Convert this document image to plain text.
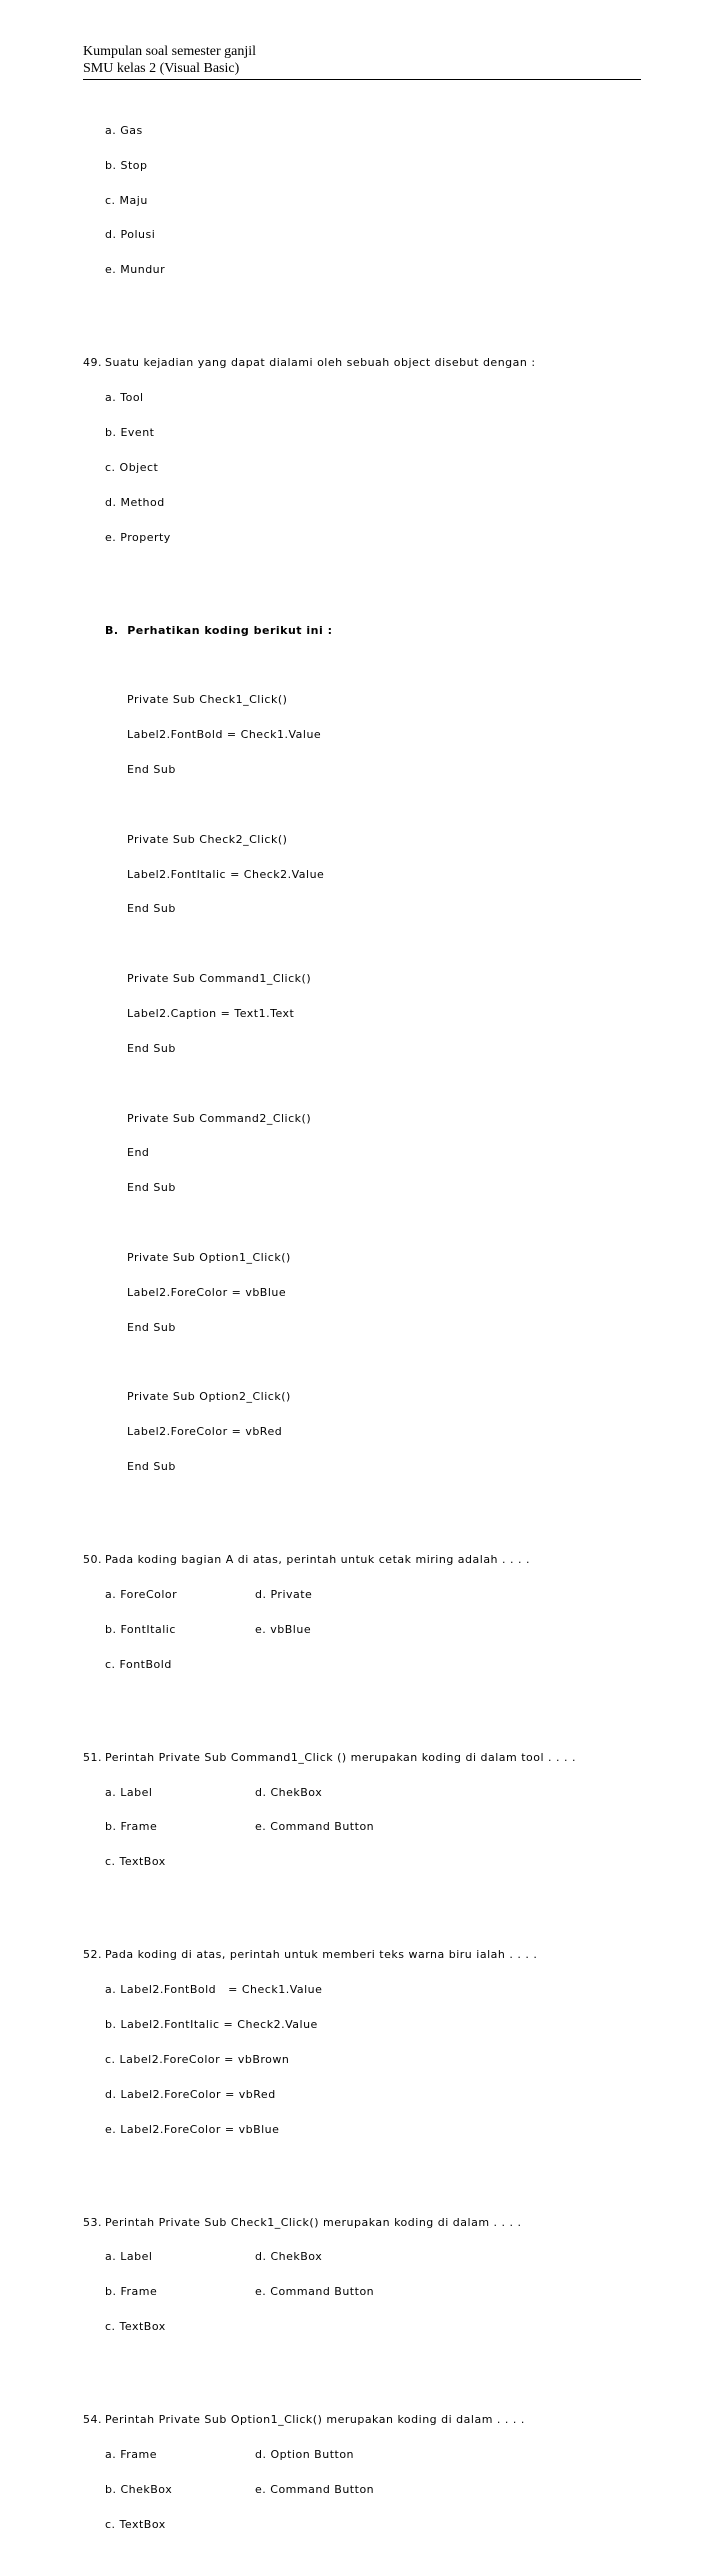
Kumpulan soal semester ganjil
SMU kelas 2 (Visual Basic)

a. Gas

b. Stop

c. Maju

d. Polusi

e. Mundur

49. Suatu kejadian yang dapat dialami oleh sebuah object disebut dengan :

a. Tool

b. Event

c. Object

d. Method

e. Property

B.  Perhatikan koding berikut ini :

Private Sub Check1_Click()

Label2.FontBold = Check1.Value

End Sub

Private Sub Check2_Click()

Label2.FontItalic = Check2.Value

End Sub

Private Sub Command1_Click()

Label2.Caption = Text1.Text

End Sub

Private Sub Command2_Click()

End

End Sub

Private Sub Option1_Click()

Label2.ForeColor = vbBlue

End Sub

Private Sub Option2_Click()

Label2.ForeColor = vbRed

End Sub

50. Pada koding bagian A di atas, perintah untuk cetak miring adalah . . . .

a. ForeColor	d. Private

b. FontItalic	e. vbBlue

c. FontBold

51. Perintah Private Sub Command1_Click () merupakan koding di dalam tool . . . .

a. Label	d. ChekBox

b. Frame	e. Command Button

c. TextBox

52. Pada koding di atas, perintah untuk memberi teks warna biru ialah . . . .

a. Label2.FontBold   = Check1.Value

b. Label2.FontItalic = Check2.Value

c. Label2.ForeColor = vbBrown

d. Label2.ForeColor = vbRed

e. Label2.ForeColor = vbBlue

53. Perintah Private Sub Check1_Click() merupakan koding di dalam . . . .

a. Label	d. ChekBox

b. Frame	e. Command Button

c. TextBox

54. Perintah Private Sub Option1_Click() merupakan koding di dalam . . . .

a. Frame	d. Option Button

b. ChekBox	e. Command Button

c. TextBox
